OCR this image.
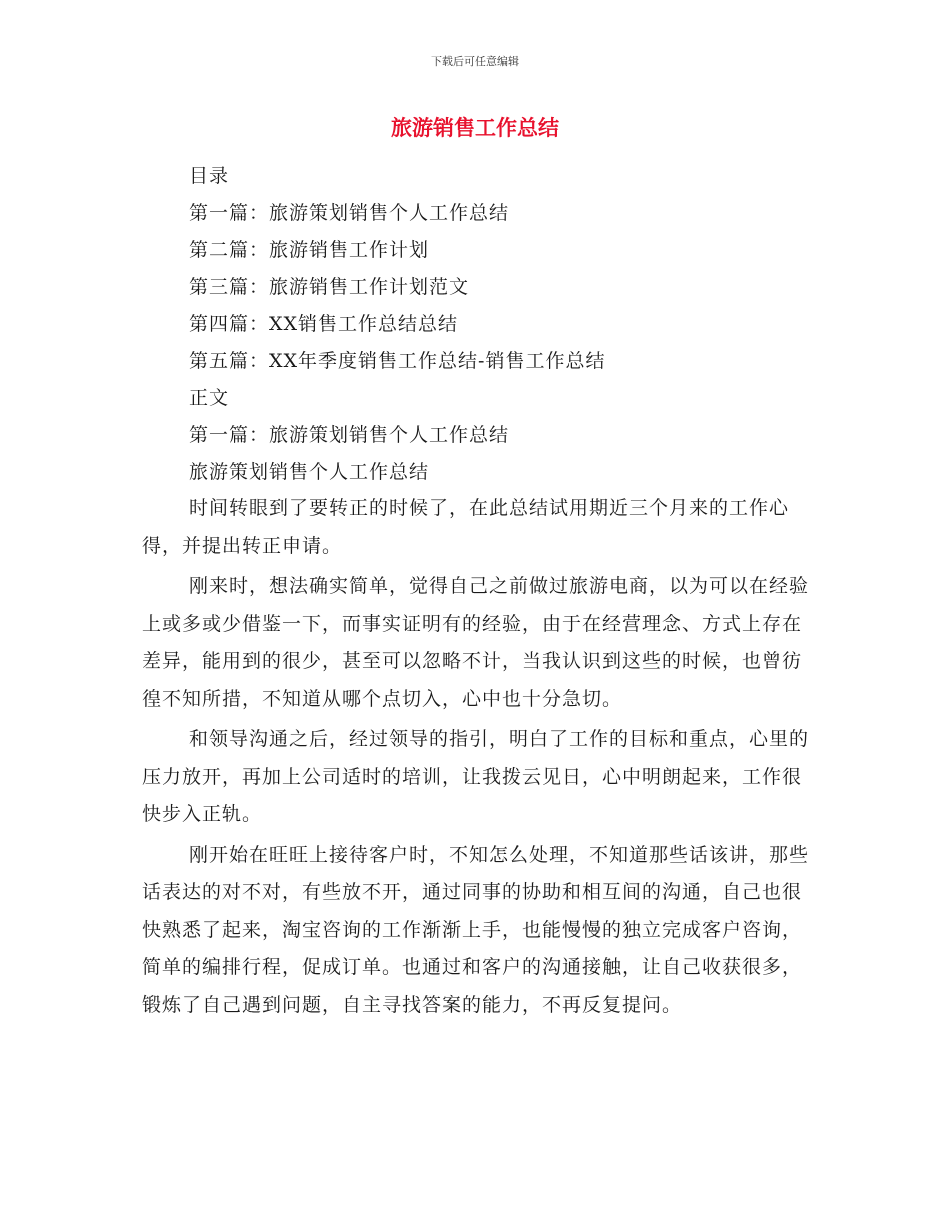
下载后可任意编辑
旅游销售工作总结
目录
第一篇：旅游策划销售个人工作总结
第二篇：旅游销售工作计划
第三篇：旅游销售工作计划范文
第四篇：XX销售工作总结总结
第五篇：XX年季度销售工作总结-销售工作总结
正文
第一篇：旅游策划销售个人工作总结
旅游策划销售个人工作总结

时间转眼到了要转正的时候了，在此总结试用期近三个月来的工作心得，并提出转正申请。

刚来时，想法确实简单，觉得自己之前做过旅游电商，以为可以在经验上或多或少借鉴一下，而事实证明有的经验，由于在经营理念、方式上存在差异，能用到的很少，甚至可以忽略不计，当我认识到这些的时候，也曾彷徨不知所措，不知道从哪个点切入，心中也十分急切。

和领导沟通之后，经过领导的指引，明白了工作的目标和重点，心里的压力放开，再加上公司适时的培训，让我拨云见日，心中明朗起来，工作很快步入正轨。

刚开始在旺旺上接待客户时，不知怎么处理，不知道那些话该讲，那些话表达的对不对，有些放不开，通过同事的协助和相互间的沟通，自己也很快熟悉了起来，淘宝咨询的工作渐渐上手，也能慢慢的独立完成客户咨询，简单的编排行程，促成订单。也通过和客户的沟通接触，让自己收获很多，锻炼了自己遇到问题，自主寻找答案的能力，不再反复提问。
